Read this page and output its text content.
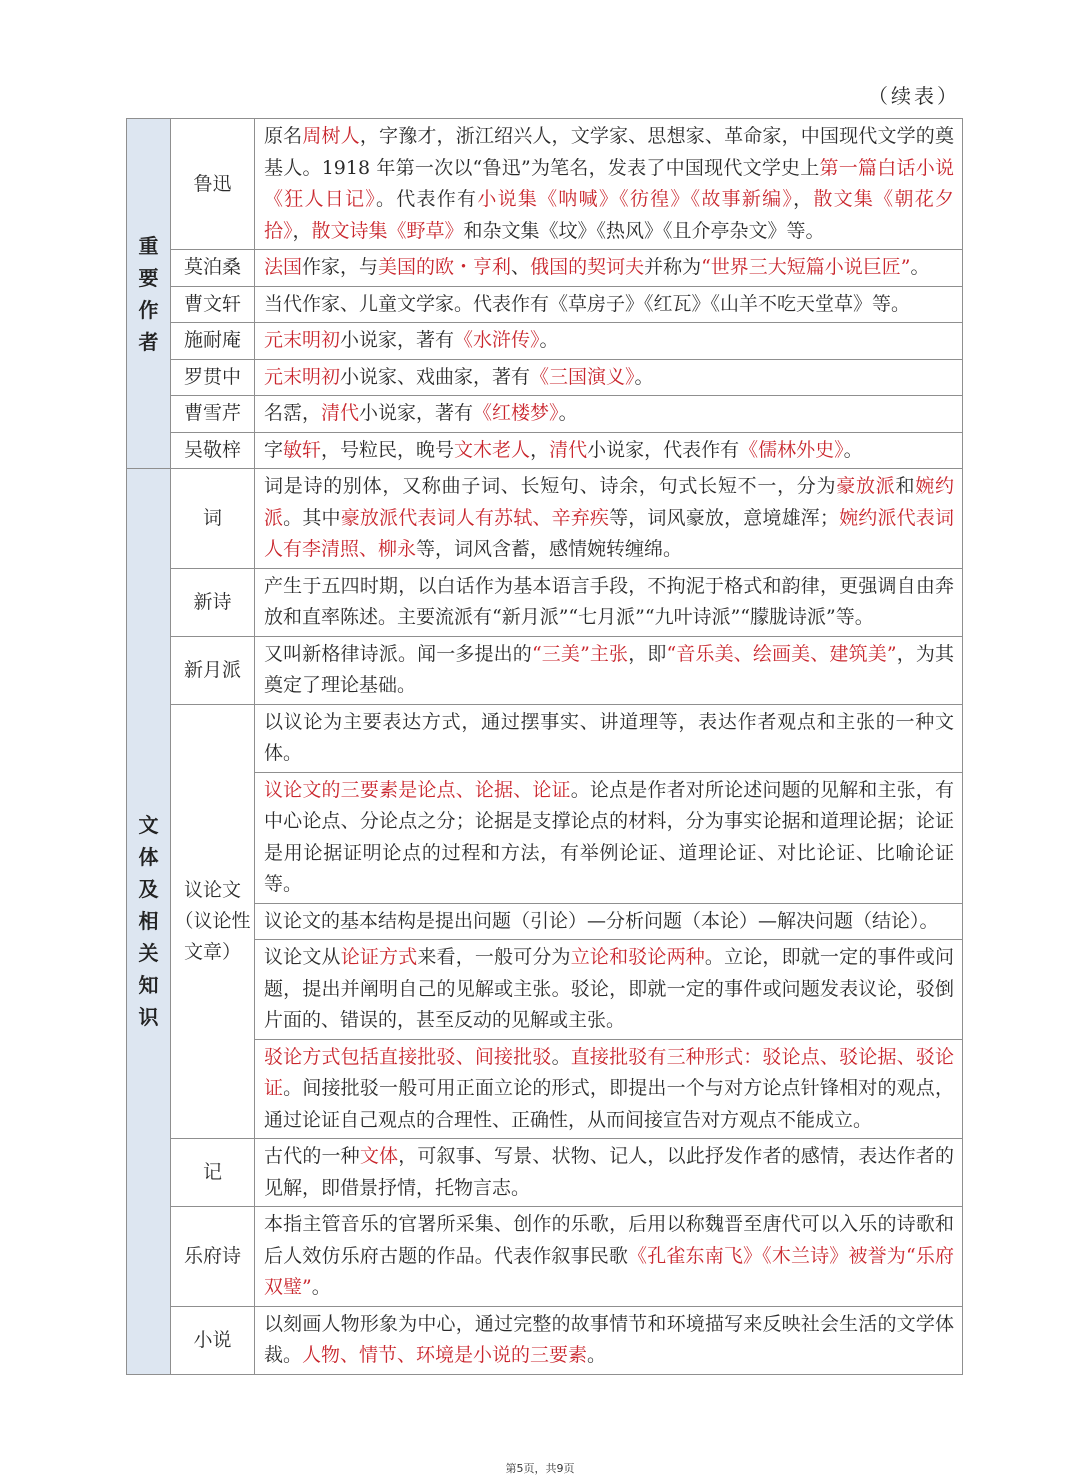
（续表）
重要作者	鲁迅	原名周树人，字豫才，浙江绍兴人，文学家、思想家、革命家，中国现代文学的奠基人。1918 年第一次以“鲁迅”为笔名，发表了中国现代文学史上第一篇白话小说《狂人日记》。代表作有小说集《呐喊》《彷徨》《故事新编》，散文集《朝花夕拾》，散文诗集《野草》和杂文集《坟》《热风》《且介亭杂文》等。
	莫泊桑	法国作家，与美国的欧・亨利、俄国的契诃夫并称为“世界三大短篇小说巨匠”。
	曹文轩	当代作家、儿童文学家。代表作有《草房子》《红瓦》《山羊不吃天堂草》等。
	施耐庵	元末明初小说家，著有《水浒传》。
	罗贯中	元末明初小说家、戏曲家，著有《三国演义》。
	曹雪芹	名霑，清代小说家，著有《红楼梦》。
	吴敬梓	字敏轩，号粒民，晚号文木老人，清代小说家，代表作有《儒林外史》。
文体及相关知识	词	词是诗的别体，又称曲子词、长短句、诗余，句式长短不一，分为豪放派和婉约派。其中豪放派代表词人有苏轼、辛弃疾等，词风豪放，意境雄浑；婉约派代表词人有李清照、柳永等，词风含蓄，感情婉转缠绵。
	新诗	产生于五四时期，以白话作为基本语言手段，不拘泥于格式和韵律，更强调自由奔放和直率陈述。主要流派有“新月派”“七月派”“九叶诗派”“朦胧诗派”等。
	新月派	又叫新格律诗派。闻一多提出的“三美”主张，即“音乐美、绘画美、建筑美”，为其奠定了理论基础。
	议论文（议论性文章）	以议论为主要表达方式，通过摆事实、讲道理等，表达作者观点和主张的一种文体。
		议论文的三要素是论点、论据、论证。论点是作者对所论述问题的见解和主张，有中心论点、分论点之分；论据是支撑论点的材料，分为事实论据和道理论据；论证是用论据证明论点的过程和方法，有举例论证、道理论证、对比论证、比喻论证等。
		议论文的基本结构是提出问题（引论）—分析问题（本论）—解决问题（结论）。
		议论文从论证方式来看，一般可分为立论和驳论两种。立论，即就一定的事件或问题，提出并阐明自己的见解或主张。驳论，即就一定的事件或问题发表议论，驳倒片面的、错误的，甚至反动的见解或主张。
		驳论方式包括直接批驳、间接批驳。直接批驳有三种形式：驳论点、驳论据、驳论证。间接批驳一般可用正面立论的形式，即提出一个与对方论点针锋相对的观点，通过论证自己观点的合理性、正确性，从而间接宣告对方观点不能成立。
	记	古代的一种文体，可叙事、写景、状物、记人，以此抒发作者的感情，表达作者的见解，即借景抒情，托物言志。
	乐府诗	本指主管音乐的官署所采集、创作的乐歌，后用以称魏晋至唐代可以入乐的诗歌和后人效仿乐府古题的作品。代表作叙事民歌《孔雀东南飞》《木兰诗》被誉为“乐府双璧”。
	小说	以刻画人物形象为中心，通过完整的故事情节和环境描写来反映社会生活的文学体裁。人物、情节、环境是小说的三要素。
第5页，共9页
